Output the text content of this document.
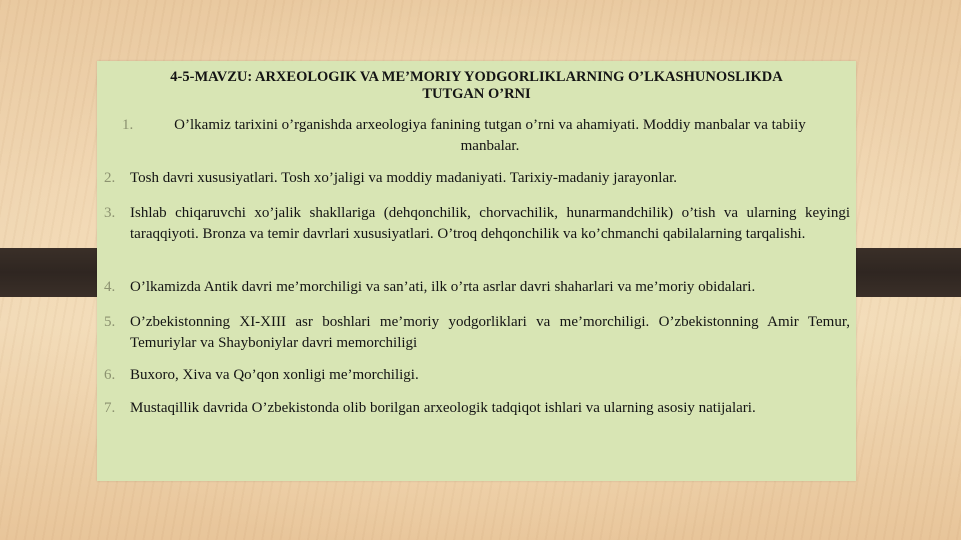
4-5-MAVZU: ARXEOLOGIK VA ME’MORIY YODGORLIKLARNING O’LKASHUNOSLIKDA
TUTGAN O’RNI
1.	O’lkamiz tarixini o’rganishda arxeologiya fanining tutgan o’rni va ahamiyati. Moddiy manbalar va tabiiy manbalar.
2. Tosh davri xususiyatlari. Tosh xo’jaligi va moddiy madaniyati. Tarixiy-madaniy jarayonlar.
3. Ishlab chiqaruvchi xo’jalik shakllariga (dehqonchilik, chorvachilik, hunarmandchilik) o’tish va ularning keyingi taraqqiyoti. Bronza va temir davrlari xususiyatlari. O’troq dehqonchilik va ko’chmanchi qabilalarning tarqalishi.
4. O’lkamizda Antik davri me’morchiligi va san’ati, ilk o’rta asrlar davri shaharlari va me’moriy obidalari.
5. O’zbekistonning XI-XIII asr boshlari me’moriy yodgorliklari va me’morchiligi. O’zbekistonning Amir Temur, Temuriylar va Shayboniylar davri memorchiligi
6. Buxoro, Xiva va Qo’qon xonligi me’morchiligi.
7. Mustaqillik davrida O’zbekistonda olib borilgan arxeologik tadqiqot ishlari va ularning asosiy natijalari.
